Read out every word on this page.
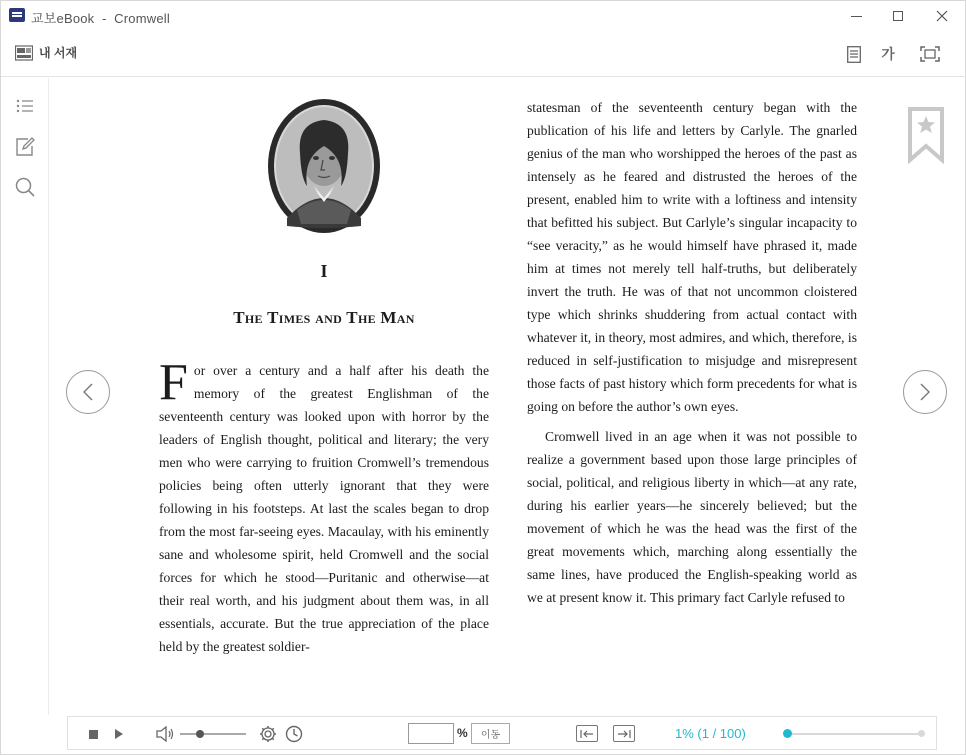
교보eBook - Cromwell
내 서재	가
I
The Times and The Man
For over a century and a half after his death the memory of the greatest Englishman of the seventeenth century was looked upon with horror by the leaders of English thought, political and literary; the very men who were carrying to fruition Cromwell’s tremendous policies being often utterly ignorant that they were following in his footsteps. At last the scales began to drop from the most far-seeing eyes. Macaulay, with his eminently sane and wholesome spirit, held Cromwell and the social forces for which he stood—Puritanic and otherwise—at their real worth, and his judgment about them was, in all essentials, accurate. But the true appreciation of the place held by the greatest soldier-

statesman of the seventeenth century began with the publication of his life and letters by Carlyle. The gnarled genius of the man who worshipped the heroes of the past as intensely as he feared and distrusted the heroes of the present, enabled him to write with a loftiness and intensity that befitted his subject. But Carlyle’s singular incapacity to “see veracity,” as he would himself have phrased it, made him at times not merely tell half-truths, but deliberately invert the truth. He was of that not uncommon cloistered type which shrinks shuddering from actual contact with whatever it, in theory, most admires, and which, therefore, is reduced in self-justification to misjudge and misrepresent those facts of past history which form precedents for what is going on before the author’s own eyes.

Cromwell lived in an age when it was not possible to realize a government based upon those large principles of social, political, and religious liberty in which—at any rate, during his earlier years—he sincerely believed; but the movement of which he was the head was the first of the great movements which, marching along essentially the same lines, have produced the English-speaking world as we at present know it. This primary fact Carlyle refused to

%	이동	1% (1 / 100)
